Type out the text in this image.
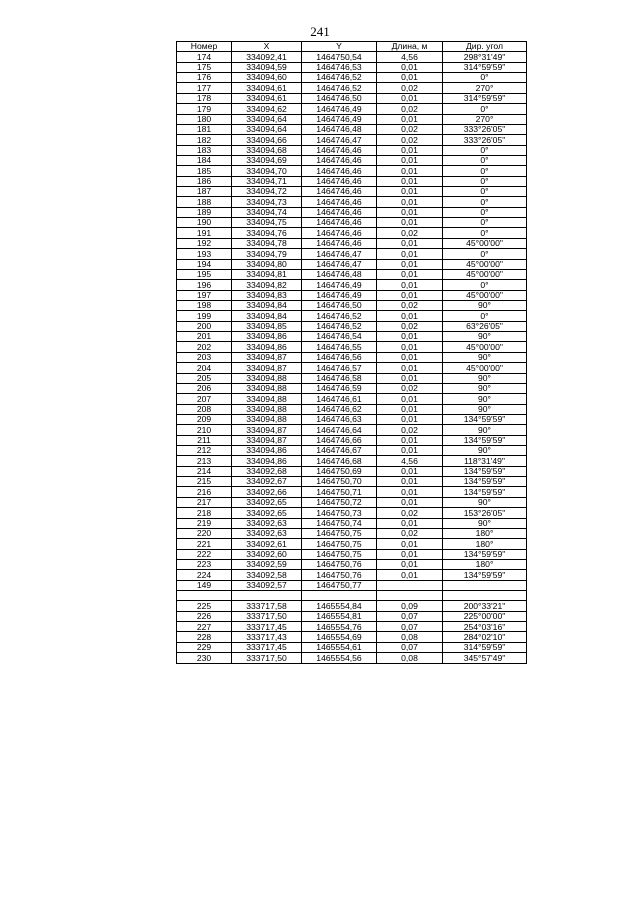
241
Номер	X	Y	Длина, м	Дир. угол
174	334092,41	1464750,54	4,56	298°31'49"
175	334094,59	1464746,53	0,01	314°59'59"
176	334094,60	1464746,52	0,01	0°
177	334094,61	1464746,52	0,02	270°
178	334094,61	1464746,50	0,01	314°59'59"
179	334094,62	1464746,49	0,02	0°
180	334094,64	1464746,49	0,01	270°
181	334094,64	1464746,48	0,02	333°26'05"
182	334094,66	1464746,47	0,02	333°26'05"
183	334094,68	1464746,46	0,01	0°
184	334094,69	1464746,46	0,01	0°
185	334094,70	1464746,46	0,01	0°
186	334094,71	1464746,46	0,01	0°
187	334094,72	1464746,46	0,01	0°
188	334094,73	1464746,46	0,01	0°
189	334094,74	1464746,46	0,01	0°
190	334094,75	1464746,46	0,01	0°
191	334094,76	1464746,46	0,02	0°
192	334094,78	1464746,46	0,01	45°00'00"
193	334094,79	1464746,47	0,01	0°
194	334094,80	1464746,47	0,01	45°00'00"
195	334094,81	1464746,48	0,01	45°00'00"
196	334094,82	1464746,49	0,01	0°
197	334094,83	1464746,49	0,01	45°00'00"
198	334094,84	1464746,50	0,02	90°
199	334094,84	1464746,52	0,01	0°
200	334094,85	1464746,52	0,02	63°26'05"
201	334094,86	1464746,54	0,01	90°
202	334094,86	1464746,55	0,01	45°00'00"
203	334094,87	1464746,56	0,01	90°
204	334094,87	1464746,57	0,01	45°00'00"
205	334094,88	1464746,58	0,01	90°
206	334094,88	1464746,59	0,02	90°
207	334094,88	1464746,61	0,01	90°
208	334094,88	1464746,62	0,01	90°
209	334094,88	1464746,63	0,01	134°59'59"
210	334094,87	1464746,64	0,02	90°
211	334094,87	1464746,66	0,01	134°59'59"
212	334094,86	1464746,67	0,01	90°
213	334094,86	1464746,68	4,56	118°31'49"
214	334092,68	1464750,69	0,01	134°59'59"
215	334092,67	1464750,70	0,01	134°59'59"
216	334092,66	1464750,71	0,01	134°59'59"
217	334092,65	1464750,72	0,01	90°
218	334092,65	1464750,73	0,02	153°26'05"
219	334092,63	1464750,74	0,01	90°
220	334092,63	1464750,75	0,02	180°
221	334092,61	1464750,75	0,01	180°
222	334092,60	1464750,75	0,01	134°59'59"
223	334092,59	1464750,76	0,01	180°
224	334092,58	1464750,76	0,01	134°59'59"
149	334092,57	1464750,77		

225	333717,58	1465554,84	0,09	200°33'21"
226	333717,50	1465554,81	0,07	225°00'00"
227	333717,45	1465554,76	0,07	254°03'16"
228	333717,43	1465554,69	0,08	284°02'10"
229	333717,45	1465554,61	0,07	314°59'59"
230	333717,50	1465554,56	0,08	345°57'49"
